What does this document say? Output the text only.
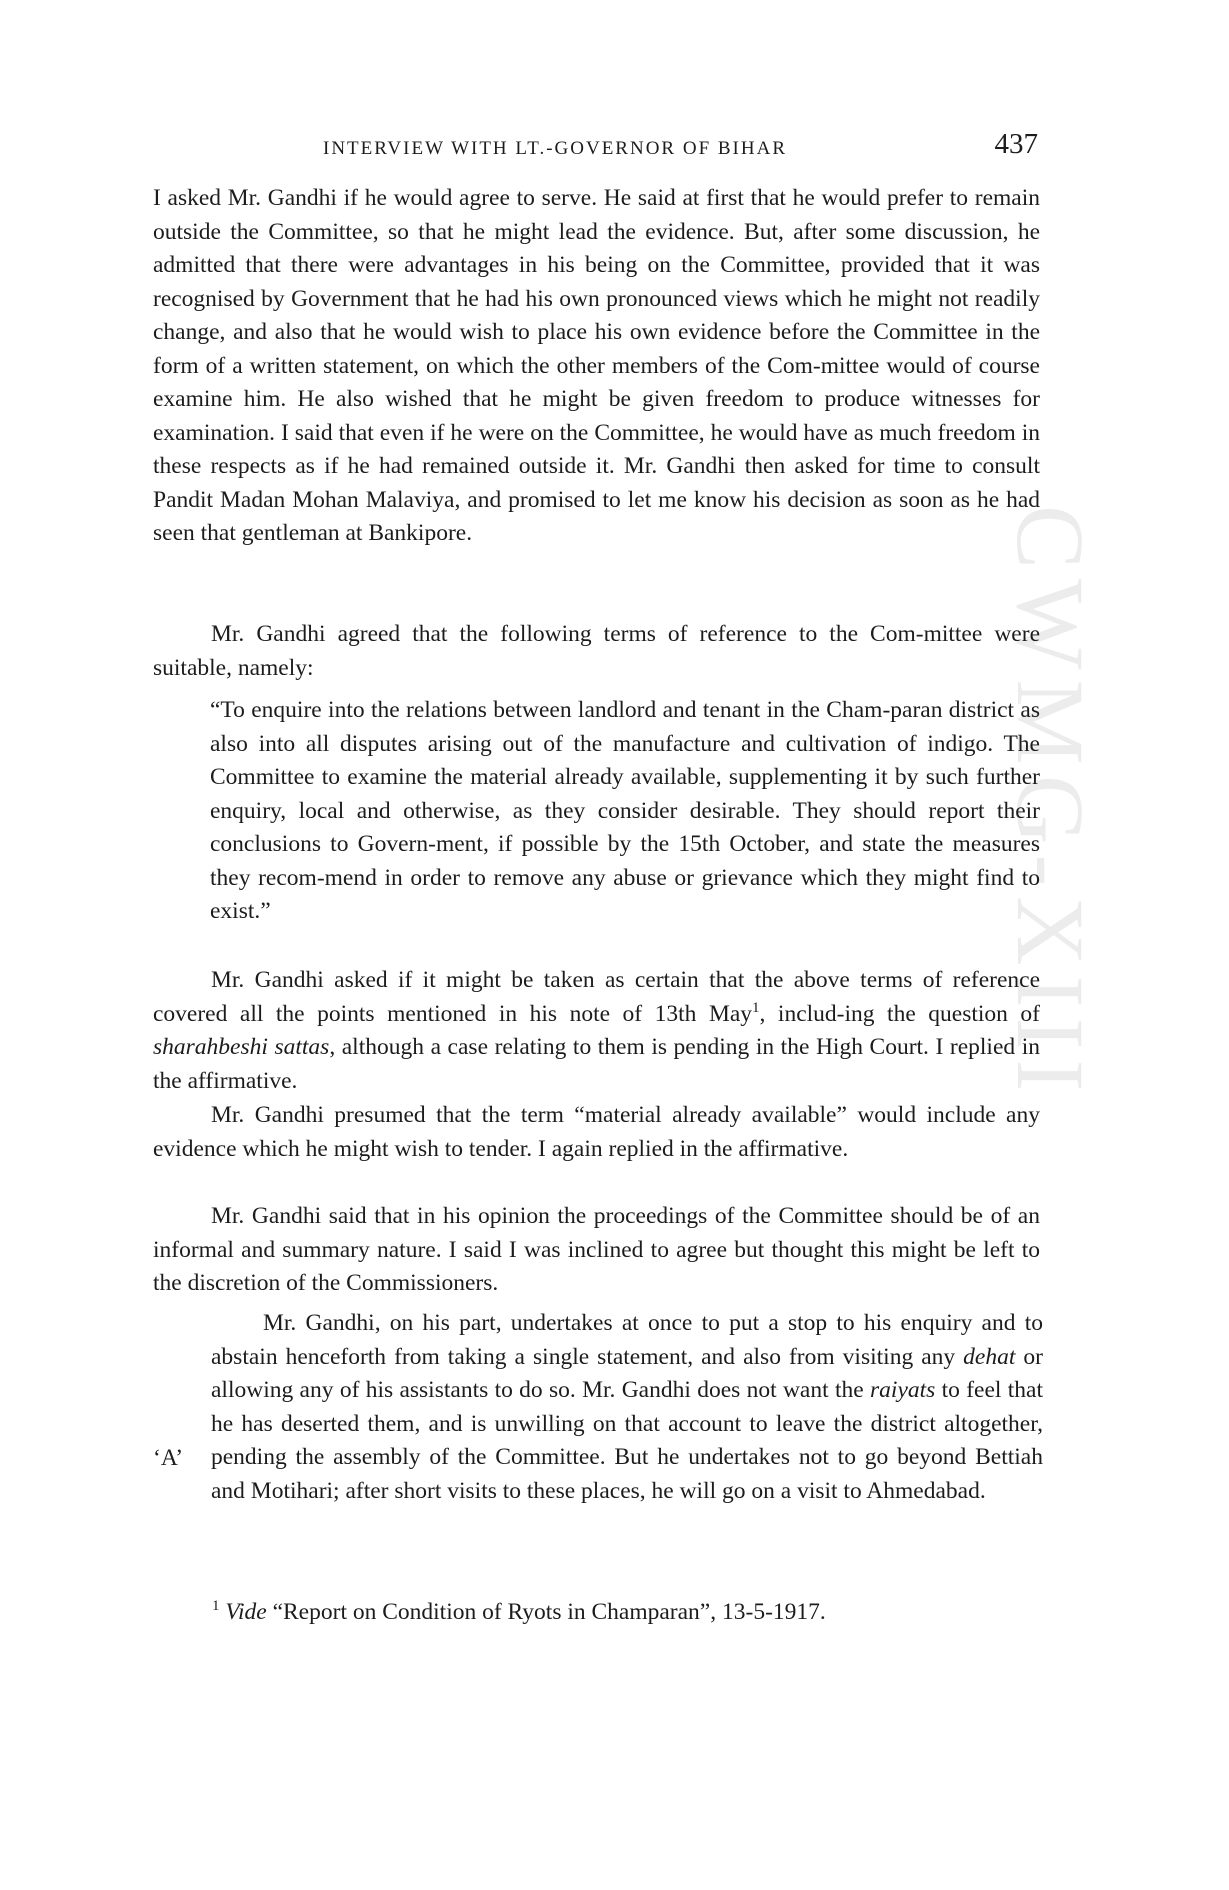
CWMG-XIII
INTERVIEW WITH LT.-GOVERNOR OF BIHAR	437

I asked Mr. Gandhi if he would agree to serve. He said at first that he would prefer to remain outside the Committee, so that he might lead the evidence. But, after some discussion, he admitted that there were advantages in his being on the Committee, provided that it was recognised by Government that he had his own pronounced views which he might not readily change, and also that he would wish to place his own evidence before the Committee in the form of a written statement, on which the other members of the Com-mittee would of course examine him. He also wished that he might be given freedom to produce witnesses for examination. I said that even if he were on the Committee, he would have as much freedom in these respects as if he had remained outside it. Mr. Gandhi then asked for time to consult Pandit Madan Mohan Malaviya, and promised to let me know his decision as soon as he had seen that gentleman at Bankipore.

Mr. Gandhi agreed that the following terms of reference to the Com-mittee were suitable, namely:

“To enquire into the relations between landlord and tenant in the Cham-paran district as also into all disputes arising out of the manufacture and cultivation of indigo. The Committee to examine the material already available, supplementing it by such further enquiry, local and otherwise, as they consider desirable. They should report their conclusions to Govern-ment, if possible by the 15th October, and state the measures they recom-mend in order to remove any abuse or grievance which they might find to exist.”

Mr. Gandhi asked if it might be taken as certain that the above terms of reference covered all the points mentioned in his note of 13th May$^1$, includ-ing the question of sharahbeshi sattas, although a case relating to them is pending in the High Court. I replied in the affirmative.

Mr. Gandhi presumed that the term “material already available” would include any evidence which he might wish to tender. I again replied in the affirmative.

Mr. Gandhi said that in his opinion the proceedings of the Committee should be of an informal and summary nature. I said I was inclined to agree but thought this might be left to the discretion of the Commissioners.

Mr. Gandhi, on his part, undertakes at once to put a stop to his enquiry and to abstain henceforth from taking a single statement, and also from visiting any dehat or allowing any of his assistants to do so. Mr. Gandhi does not want the raiyats to feel that he has deserted them, and is unwilling on that account to leave the district altogether, pending the assembly of the Committee. But he undertakes not to go beyond Bettiah and Motihari; after short visits to these places, he will go on a visit to Ahmedabad.
‘A’

$^1$ Vide “Report on Condition of Ryots in Champaran”, 13-5-1917.
